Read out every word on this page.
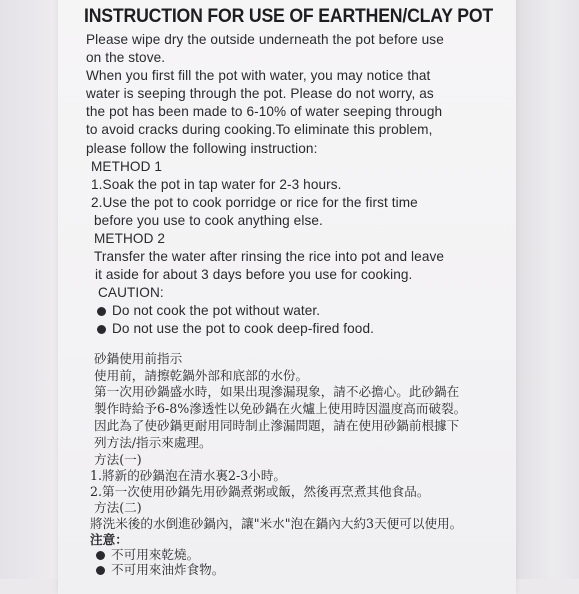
INSTRUCTION FOR USE OF EARTHEN/CLAY POT
Please wipe dry the outside underneath the pot before use
on the stove.
When you first fill the pot with water, you may notice that
water is seeping through the pot. Please do not worry, as
the pot has been made to 6-10% of water seeping through
to avoid cracks during cooking.To eliminate this problem,
please follow the following instruction:
METHOD 1
1.Soak the pot in tap water for 2-3 hours.
2.Use the pot to cook porridge or rice for the first time
before you use to cook anything else.
METHOD 2
Transfer the water after rinsing the rice into pot and leave
it aside for about 3 days before you use for cooking.
CAUTION:
Do not cook the pot without water.
Do not use the pot to cook deep-fired food.
砂鍋使用前指示
使用前，請擦乾鍋外部和底部的水份。
第一次用砂鍋盛水時，如果出現滲漏現象，請不必擔心。此砂鍋在
製作時給予6-8%滲透性以免砂鍋在火爐上使用時因溫度高而破裂。
因此為了使砂鍋更耐用同時制止滲漏問題，請在使用砂鍋前根據下
列方法/指示來處理。
方法(一)
1.將新的砂鍋泡在清水裏2-3小時。
2.第一次使用砂鍋先用砂鍋煮粥或飯，然後再烹煮其他食品。
方法(二)
將洗米後的水倒進砂鍋內，讓"米水"泡在鍋內大約3天便可以使用。
注意：
不可用來乾燒。
不可用來油炸食物。
